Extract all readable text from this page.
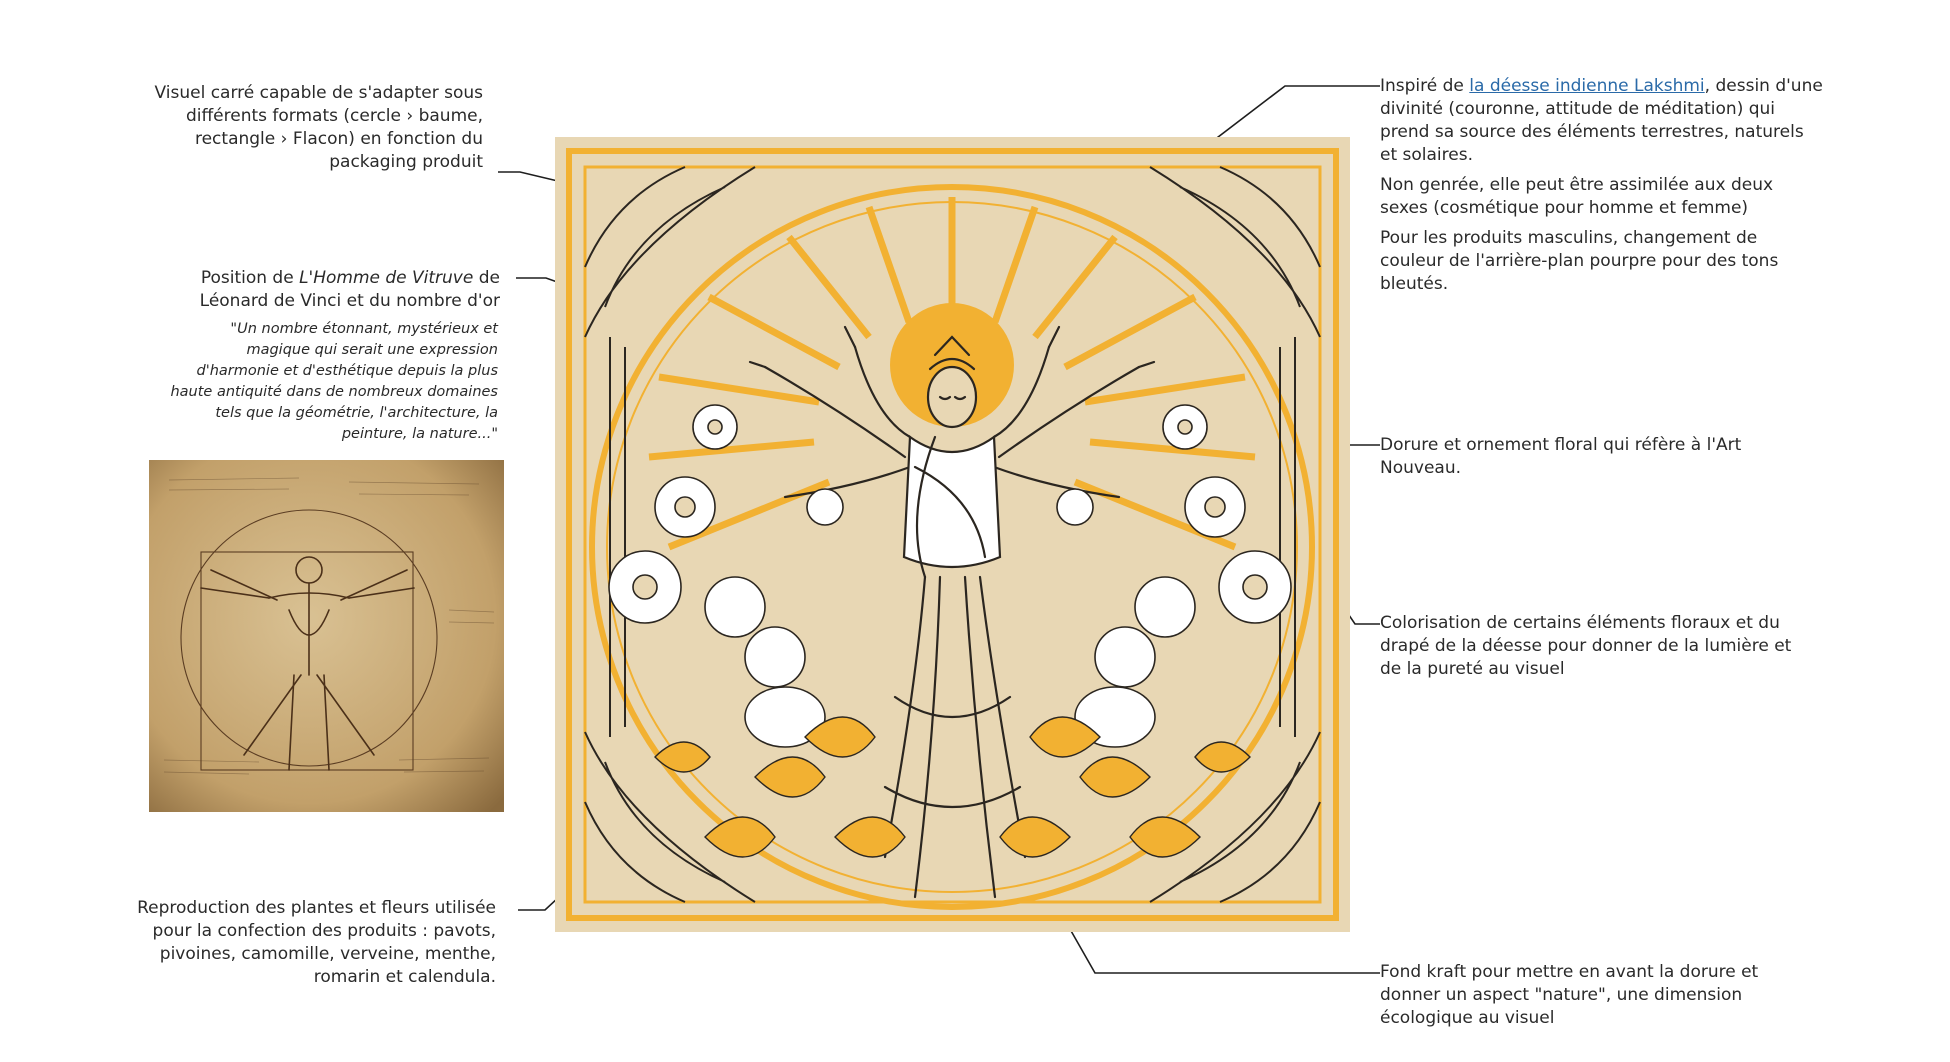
Visuel carré capable de s'adapter sous différents formats (cercle › baume, rectangle › Flacon) en fonction du packaging produit
Position de L'Homme de Vitruve de Léonard de Vinci et du nombre d'or
"Un nombre étonnant, mystérieux et magique qui serait une expression d'harmonie et d'esthétique depuis la plus haute antiquité dans de nombreux domaines tels que la géométrie, l'architecture, la peinture, la nature..."
Reproduction des plantes et fleurs utilisée pour la confection des produits : pavots, pivoines, camomille, verveine, menthe, romarin et calendula.

Inspiré de la déesse indienne Lakshmi, dessin d'une divinité (couronne, attitude de méditation) qui prend sa source des éléments terrestres, naturels et solaires.

Non genrée, elle peut être assimilée aux deux sexes (cosmétique pour homme et femme)

Pour les produits masculins, changement de couleur de l'arrière-plan pourpre pour des tons bleutés.

Dorure et ornement floral qui réfère à l'Art Nouveau.
Colorisation de certains éléments floraux et du drapé de la déesse pour donner de la lumière et de la pureté au visuel
Fond kraft pour mettre en avant la dorure et donner un aspect "nature", une dimension écologique au visuel
